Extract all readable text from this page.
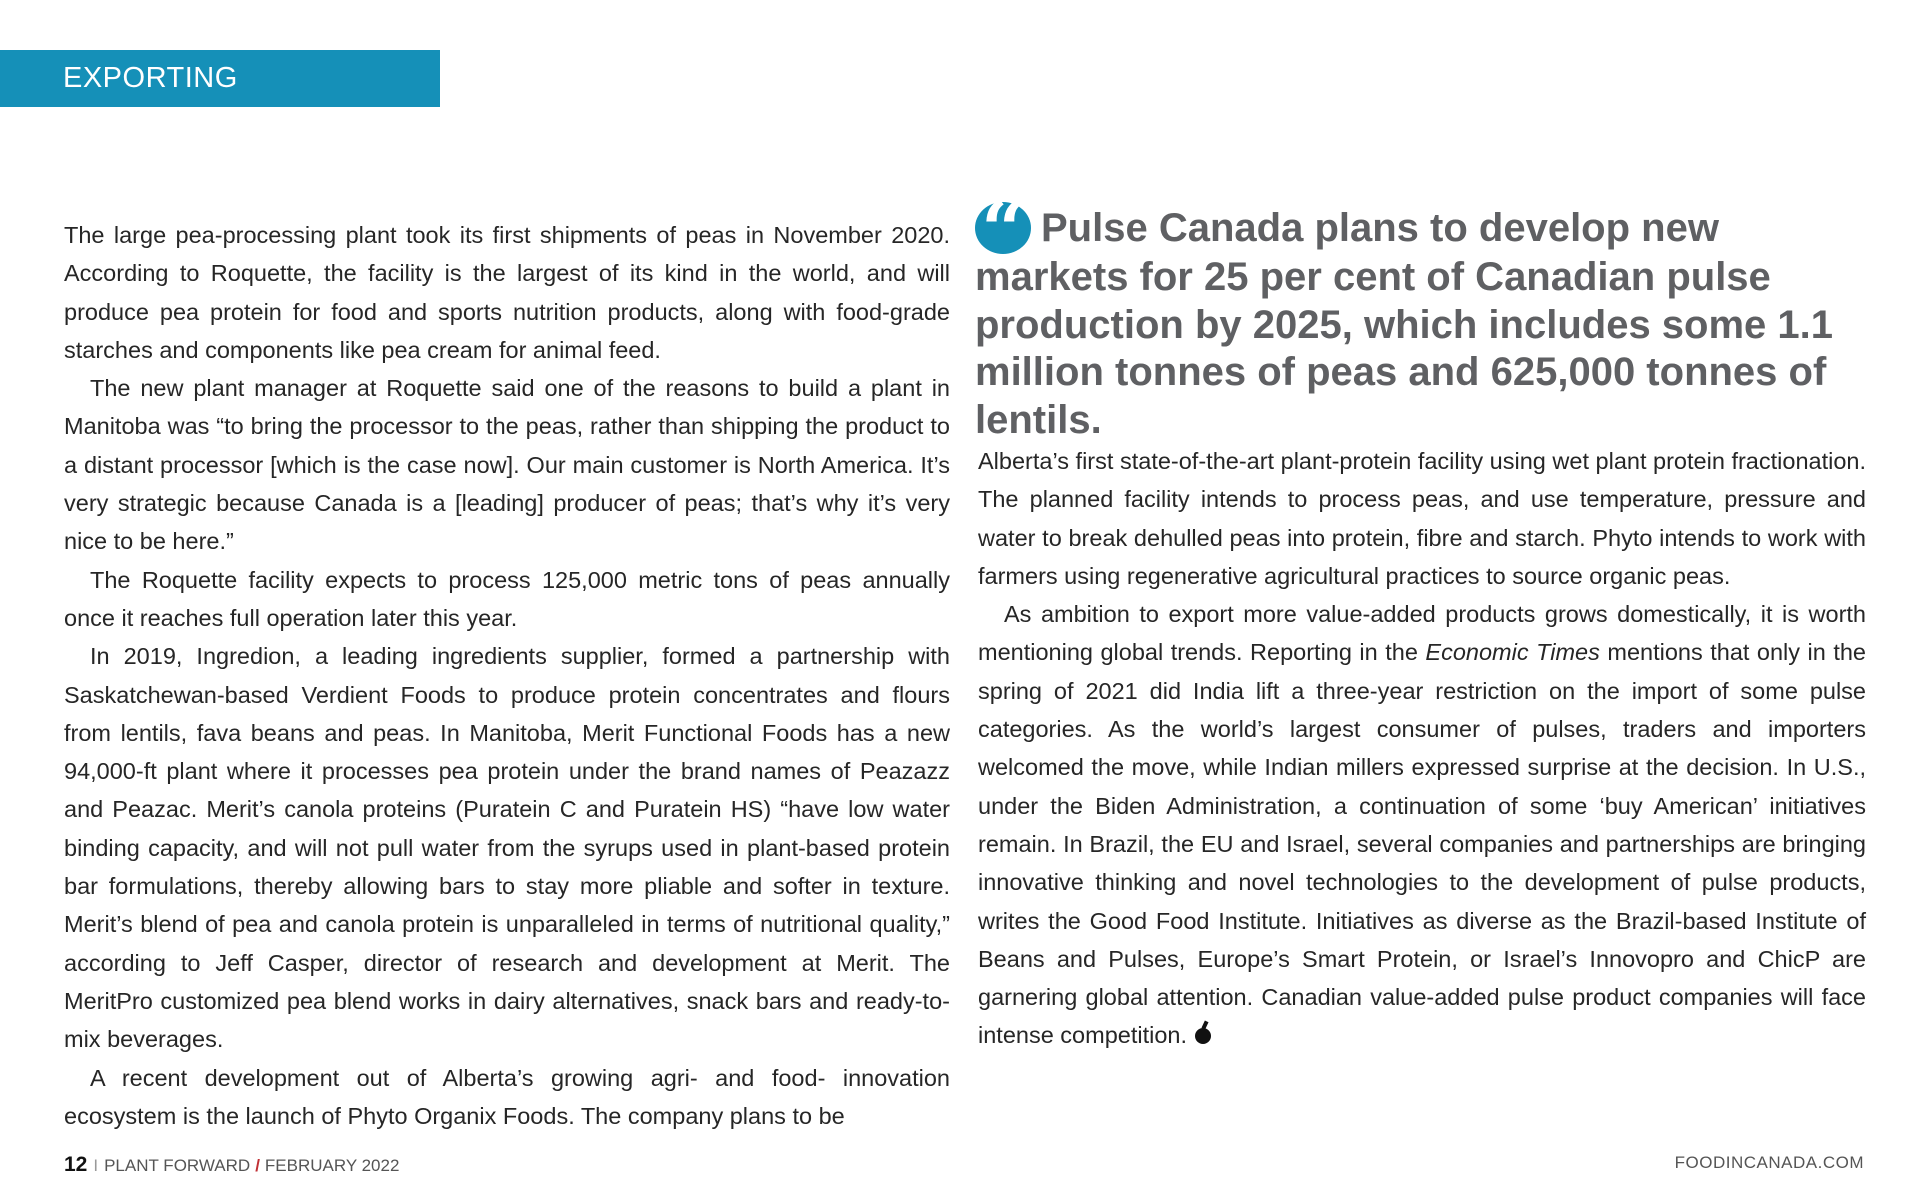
EXPORTING

The large pea-processing plant took its first shipments of peas in November 2020. According to Roquette, the facility is the largest of its kind in the world, and will produce pea protein for food and sports nutrition products, along with food-grade starches and components like pea cream for animal feed.

The new plant manager at Roquette said one of the reasons to build a plant in Manitoba was “to bring the processor to the peas, rather than shipping the product to a distant processor [which is the case now]. Our main customer is North America. It’s very strategic because Canada is a [leading] producer of peas; that’s why it’s very nice to be here.”

The Roquette facility expects to process 125,000 metric tons of peas annually once it reaches full operation later this year.

In 2019, Ingredion, a leading ingredients supplier, formed a partnership with Saskatchewan-based Verdient Foods to produce protein concentrates and flours from lentils, fava beans and peas. In Manitoba, Merit Functional Foods has a new 94,000-ft plant where it processes pea protein under the brand names of Peazazz and Peazac. Merit’s canola proteins (Puratein C and Puratein HS) “have low water binding capacity, and will not pull water from the syrups used in plant-based protein bar formulations, thereby allowing bars to stay more pliable and softer in texture. Merit’s blend of pea and canola protein is unparalleled in terms of nutritional quality,” according to Jeff Casper, director of research and development at Merit. The MeritPro customized pea blend works in dairy alternatives, snack bars and ready-to-mix beverages.

A recent development out of Alberta’s growing agri- and food- innovation ecosystem is the launch of Phyto Organix Foods. The company plans to be

“ Pulse Canada plans to develop new markets for 25 per cent of Canadian pulse production by 2025, which includes some 1.1 million tonnes of peas and 625,000 tonnes of lentils.

Alberta’s first state-of-the-art plant-protein facility using wet plant protein fractionation. The planned facility intends to process peas, and use temperature, pressure and water to break dehulled peas into protein, fibre and starch. Phyto intends to work with farmers using regenerative agricultural practices to source organic peas.

As ambition to export more value-added products grows domestically, it is worth mentioning global trends. Reporting in the Economic Times mentions that only in the spring of 2021 did India lift a three-year restriction on the import of some pulse categories. As the world’s largest consumer of pulses, traders and importers welcomed the move, while Indian millers expressed surprise at the decision. In U.S., under the Biden Administration, a continuation of some ‘buy American’ initiatives remain. In Brazil, the EU and Israel, several companies and partnerships are bringing innovative thinking and novel technologies to the development of pulse products, writes the Good Food Institute. Initiatives as diverse as the Brazil-based Institute of Beans and Pulses, Europe’s Smart Protein, or Israel’s Innovopro and ChicP are garnering global attention. Canadian value-added pulse product companies will face intense competition.

12 I PLANT FORWARD / FEBRUARY 2022	FOODINCANADA.COM
